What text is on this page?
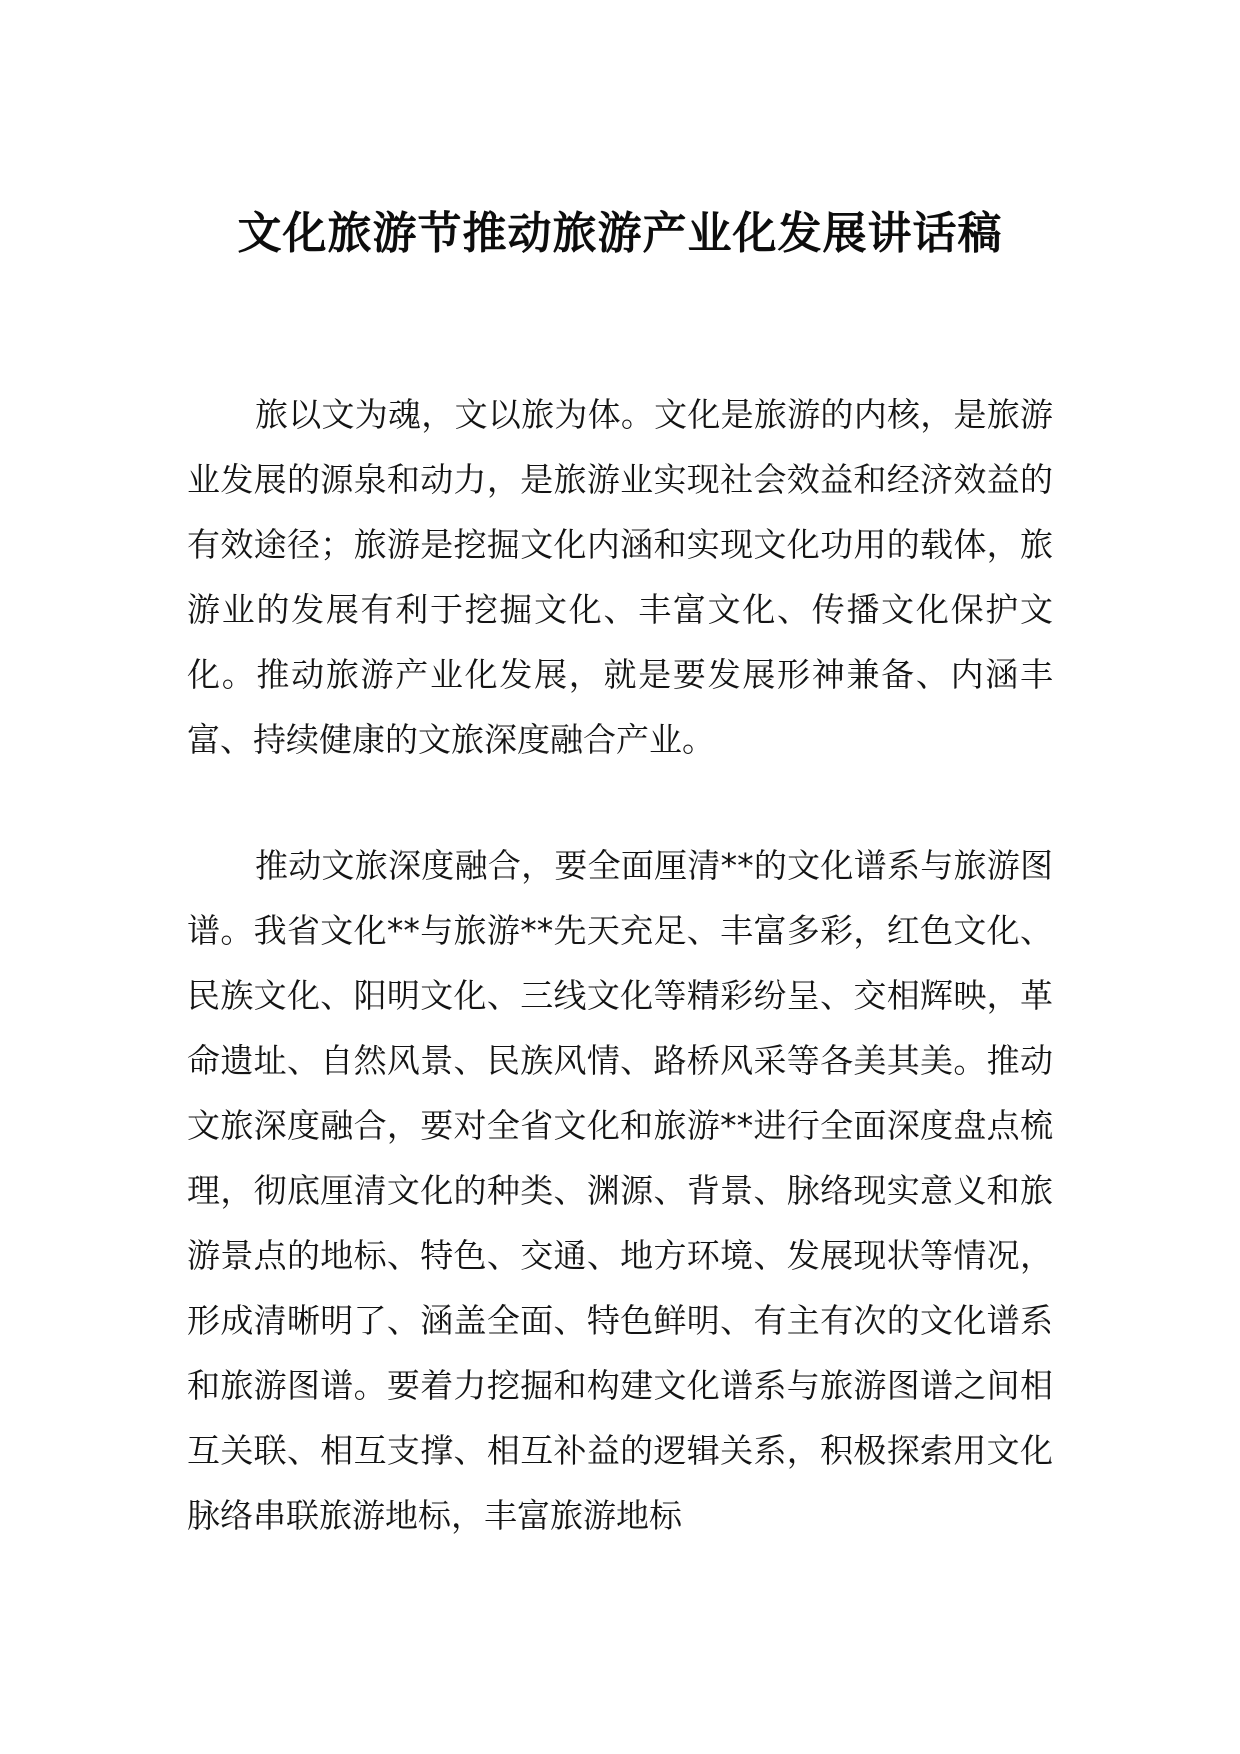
文化旅游节推动旅游产业化发展讲话稿

旅以文为魂，文以旅为体。文化是旅游的内核，是旅游业发展的源泉和动力，是旅游业实现社会效益和经济效益的有效途径；旅游是挖掘文化内涵和实现文化功用的载体，旅游业的发展有利于挖掘文化、丰富文化、传播文化保护文化。推动旅游产业化发展，就是要发展形神兼备、内涵丰富、持续健康的文旅深度融合产业。

推动文旅深度融合，要全面厘清**的文化谱系与旅游图谱。我省文化**与旅游**先天充足、丰富多彩，红色文化、民族文化、阳明文化、三线文化等精彩纷呈、交相辉映，革命遗址、自然风景、民族风情、路桥风采等各美其美。推动文旅深度融合，要对全省文化和旅游**进行全面深度盘点梳理，彻底厘清文化的种类、渊源、背景、脉络现实意义和旅游景点的地标、特色、交通、地方环境、发展现状等情况，形成清晰明了、涵盖全面、特色鲜明、有主有次的文化谱系和旅游图谱。要着力挖掘和构建文化谱系与旅游图谱之间相互关联、相互支撑、相互补益的逻辑关系，积极探索用文化脉络串联旅游地标，丰富旅游地标
